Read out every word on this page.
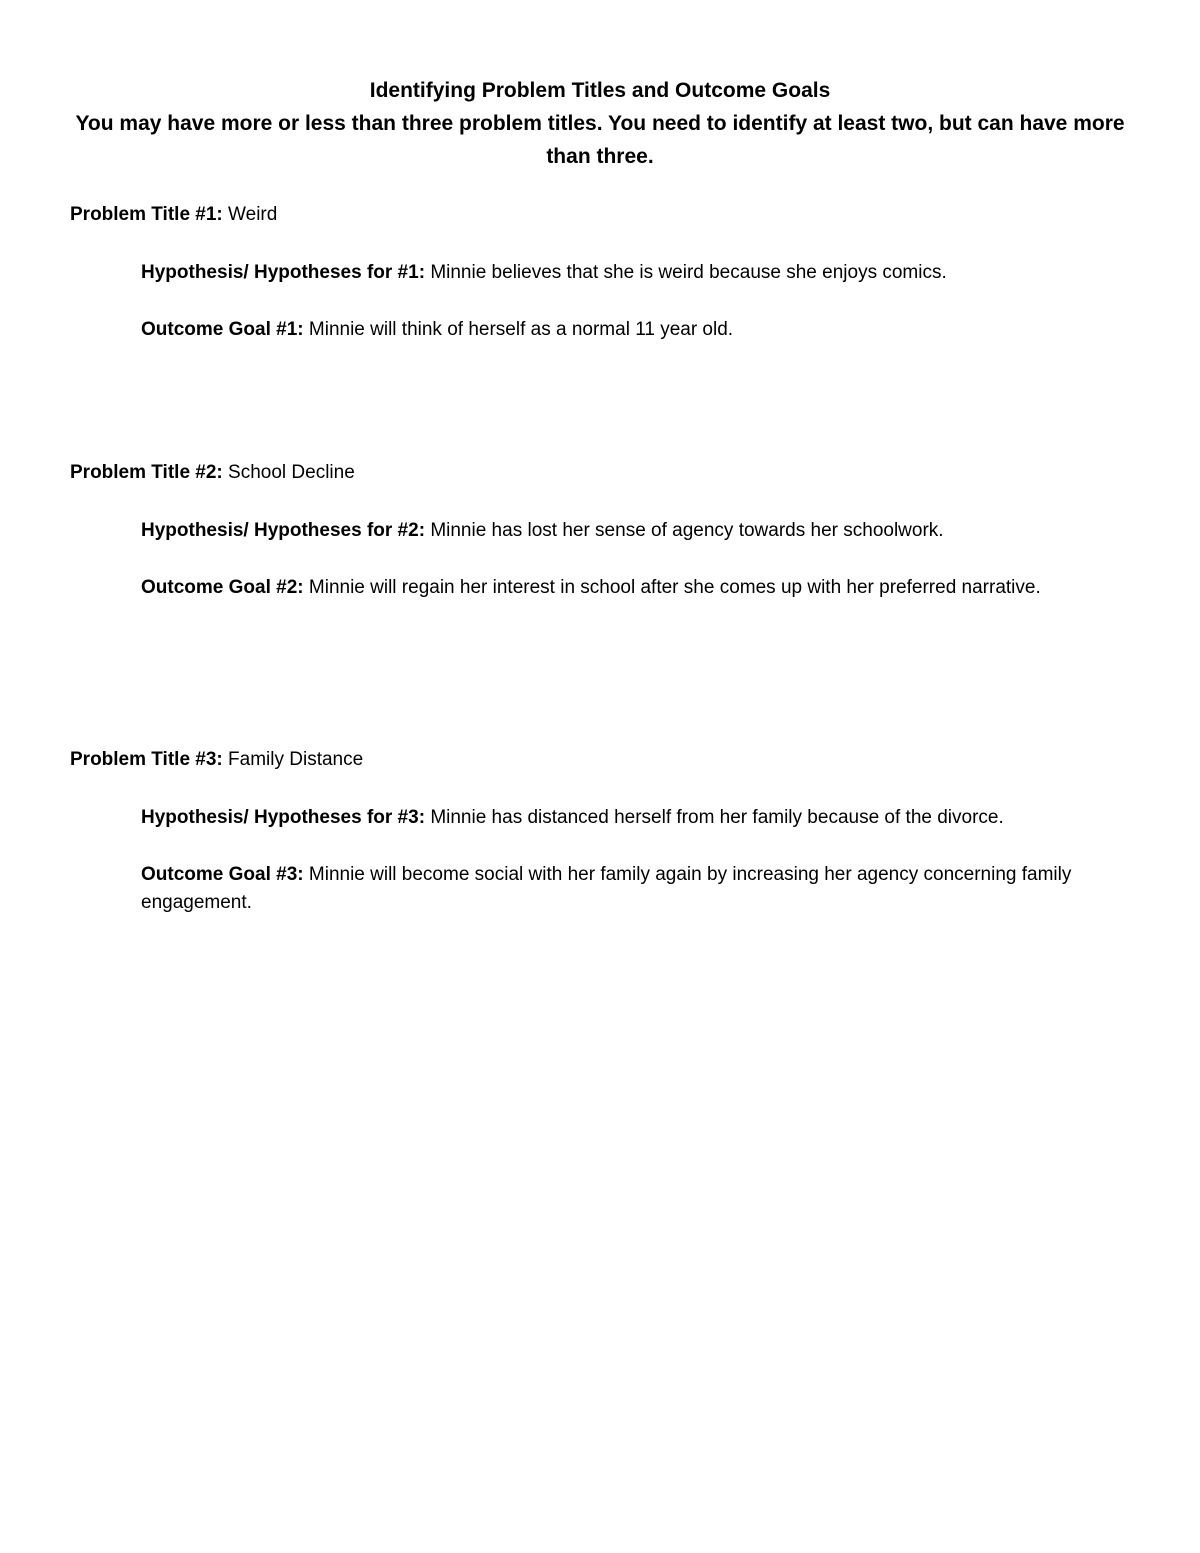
Identifying Problem Titles and Outcome Goals
You may have more or less than three problem titles. You need to identify at least two, but can have more than three.

Problem Title #1: Weird

Hypothesis/ Hypotheses for #1: Minnie believes that she is weird because she enjoys comics.

Outcome Goal #1: Minnie will think of herself as a normal 11 year old.

Problem Title #2: School Decline

Hypothesis/ Hypotheses for #2: Minnie has lost her sense of agency towards her schoolwork.

Outcome Goal #2: Minnie will regain her interest in school after she comes up with her preferred narrative.

Problem Title #3: Family Distance

Hypothesis/ Hypotheses for #3: Minnie has distanced herself from her family because of the divorce.

Outcome Goal #3: Minnie will become social with her family again by increasing her agency concerning family engagement.
